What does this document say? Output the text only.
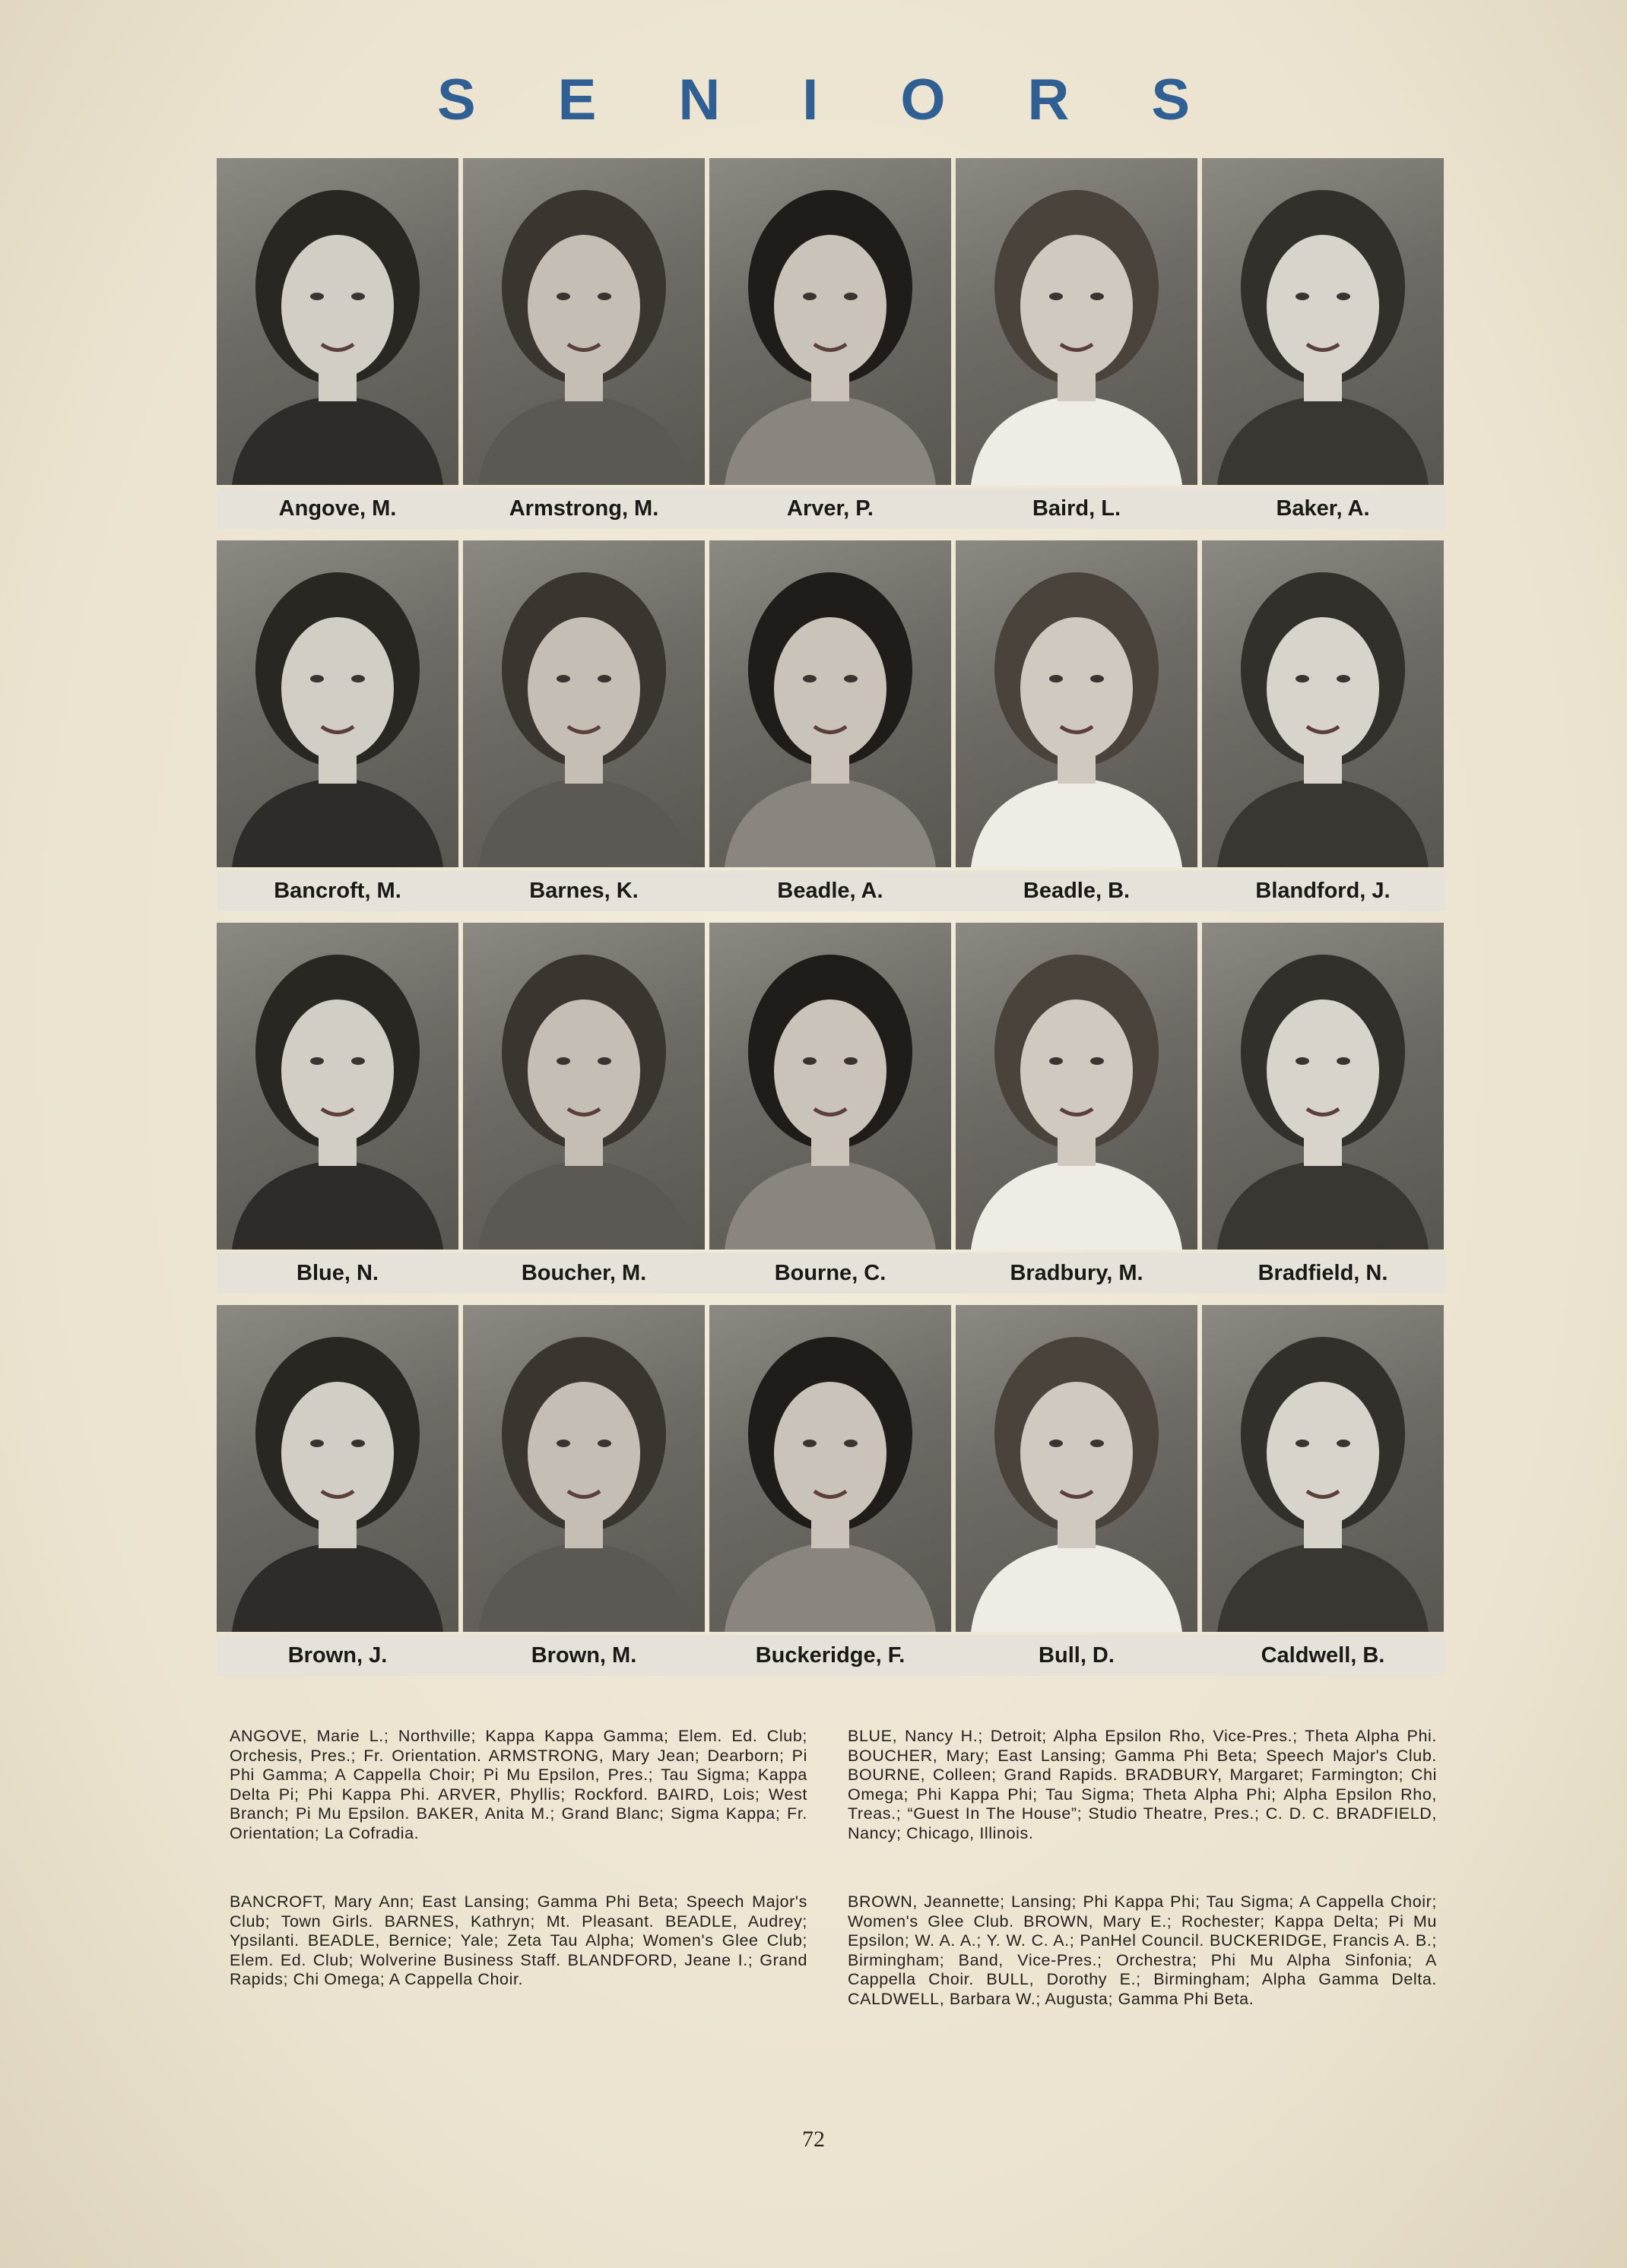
SENIORS
Angove, M.	Armstrong, M.	Arver, P.	Baird, L.	Baker, A.
Bancroft, M.	Barnes, K.	Beadle, A.	Beadle, B.	Blandford, J.
Blue, N.	Boucher, M.	Bourne, C.	Bradbury, M.	Bradfield, N.
Brown, J.	Brown, M.	Buckeridge, F.	Bull, D.	Caldwell, B.

ANGOVE, Marie L.; Northville; Kappa Kappa Gamma; Elem. Ed. Club; Orchesis, Pres.; Fr. Orientation. ARMSTRONG, Mary Jean; Dearborn; Pi Phi Gamma; A Cappella Choir; Pi Mu Epsilon, Pres.; Tau Sigma; Kappa Delta Pi; Phi Kappa Phi. ARVER, Phyllis; Rockford. BAIRD, Lois; West Branch; Pi Mu Epsilon. BAKER, Anita M.; Grand Blanc; Sigma Kappa; Fr. Orientation; La Cofradia.

BLUE, Nancy H.; Detroit; Alpha Epsilon Rho, Vice-Pres.; Theta Alpha Phi. BOUCHER, Mary; East Lansing; Gamma Phi Beta; Speech Major's Club. BOURNE, Colleen; Grand Rapids. BRADBURY, Margaret; Farmington; Chi Omega; Phi Kappa Phi; Tau Sigma; Theta Alpha Phi; Alpha Epsilon Rho, Treas.; “Guest In The House”; Studio Theatre, Pres.; C. D. C. BRADFIELD, Nancy; Chicago, Illinois.

BANCROFT, Mary Ann; East Lansing; Gamma Phi Beta; Speech Major's Club; Town Girls. BARNES, Kathryn; Mt. Pleasant. BEADLE, Audrey; Ypsilanti. BEADLE, Bernice; Yale; Zeta Tau Alpha; Women's Glee Club; Elem. Ed. Club; Wolverine Business Staff. BLANDFORD, Jeane I.; Grand Rapids; Chi Omega; A Cappella Choir.

BROWN, Jeannette; Lansing; Phi Kappa Phi; Tau Sigma; A Cappella Choir; Women's Glee Club. BROWN, Mary E.; Rochester; Kappa Delta; Pi Mu Epsilon; W. A. A.; Y. W. C. A.; PanHel Council. BUCKERIDGE, Francis A. B.; Birmingham; Band, Vice-Pres.; Orchestra; Phi Mu Alpha Sinfonia; A Cappella Choir. BULL, Dorothy E.; Birmingham; Alpha Gamma Delta. CALDWELL, Barbara W.; Augusta; Gamma Phi Beta.

72
